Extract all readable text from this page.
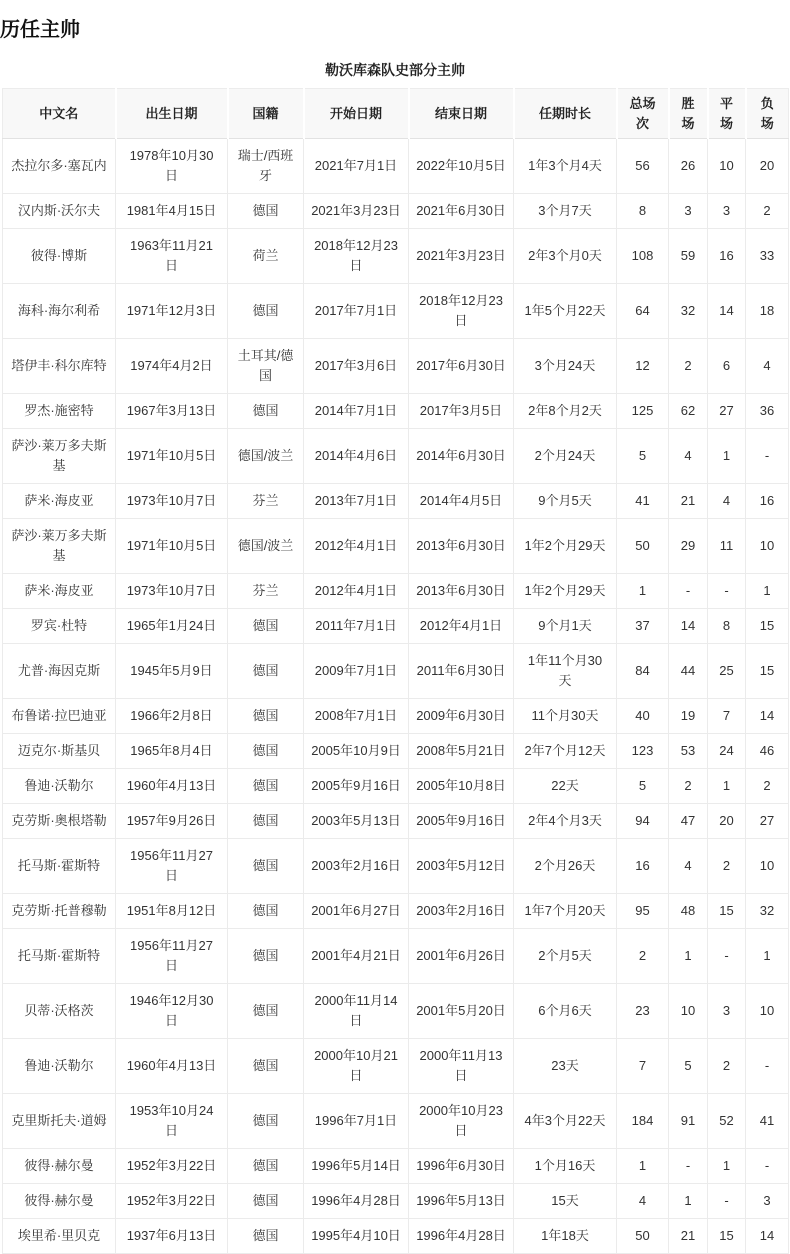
历任主帅
勒沃库森队史部分主帅
中文名	出生日期	国籍	开始日期	结束日期	任期时长	总场次	胜场	平场	负场
杰拉尔多·塞瓦内	1978年10月30日	瑞士/西班牙	2021年7月1日	2022年10月5日	1年3个月4天	56	26	10	20
汉内斯·沃尔夫	1981年4月15日	德国	2021年3月23日	2021年6月30日	3个月7天	8	3	3	2
彼得·博斯	1963年11月21日	荷兰	2018年12月23日	2021年3月23日	2年3个月0天	108	59	16	33
海科·海尔利希	1971年12月3日	德国	2017年7月1日	2018年12月23日	1年5个月22天	64	32	14	18
塔伊丰·科尔库特	1974年4月2日	土耳其/德国	2017年3月6日	2017年6月30日	3个月24天	12	2	6	4
罗杰·施密特	1967年3月13日	德国	2014年7月1日	2017年3月5日	2年8个月2天	125	62	27	36
萨沙·莱万多夫斯基	1971年10月5日	德国/波兰	2014年4月6日	2014年6月30日	2个月24天	5	4	1	-
萨米·海皮亚	1973年10月7日	芬兰	2013年7月1日	2014年4月5日	9个月5天	41	21	4	16
萨沙·莱万多夫斯基	1971年10月5日	德国/波兰	2012年4月1日	2013年6月30日	1年2个月29天	50	29	11	10
萨米·海皮亚	1973年10月7日	芬兰	2012年4月1日	2013年6月30日	1年2个月29天	1	-	-	1
罗宾·杜特	1965年1月24日	德国	2011年7月1日	2012年4月1日	9个月1天	37	14	8	15
尤普·海因克斯	1945年5月9日	德国	2009年7月1日	2011年6月30日	1年11个月30天	84	44	25	15
布鲁诺·拉巴迪亚	1966年2月8日	德国	2008年7月1日	2009年6月30日	11个月30天	40	19	7	14
迈克尔·斯基贝	1965年8月4日	德国	2005年10月9日	2008年5月21日	2年7个月12天	123	53	24	46
鲁迪·沃勒尔	1960年4月13日	德国	2005年9月16日	2005年10月8日	22天	5	2	1	2
克劳斯·奥根塔勒	1957年9月26日	德国	2003年5月13日	2005年9月16日	2年4个月3天	94	47	20	27
托马斯·霍斯特	1956年11月27日	德国	2003年2月16日	2003年5月12日	2个月26天	16	4	2	10
克劳斯·托普穆勒	1951年8月12日	德国	2001年6月27日	2003年2月16日	1年7个月20天	95	48	15	32
托马斯·霍斯特	1956年11月27日	德国	2001年4月21日	2001年6月26日	2个月5天	2	1	-	1
贝蒂·沃格茨	1946年12月30日	德国	2000年11月14日	2001年5月20日	6个月6天	23	10	3	10
鲁迪·沃勒尔	1960年4月13日	德国	2000年10月21日	2000年11月13日	23天	7	5	2	-
克里斯托夫·道姆	1953年10月24日	德国	1996年7月1日	2000年10月23日	4年3个月22天	184	91	52	41
彼得·赫尔曼	1952年3月22日	德国	1996年5月14日	1996年6月30日	1个月16天	1	-	1	-
彼得·赫尔曼	1952年3月22日	德国	1996年4月28日	1996年5月13日	15天	4	1	-	3
埃里希·里贝克	1937年6月13日	德国	1995年4月10日	1996年4月28日	1年18天	50	21	15	14
